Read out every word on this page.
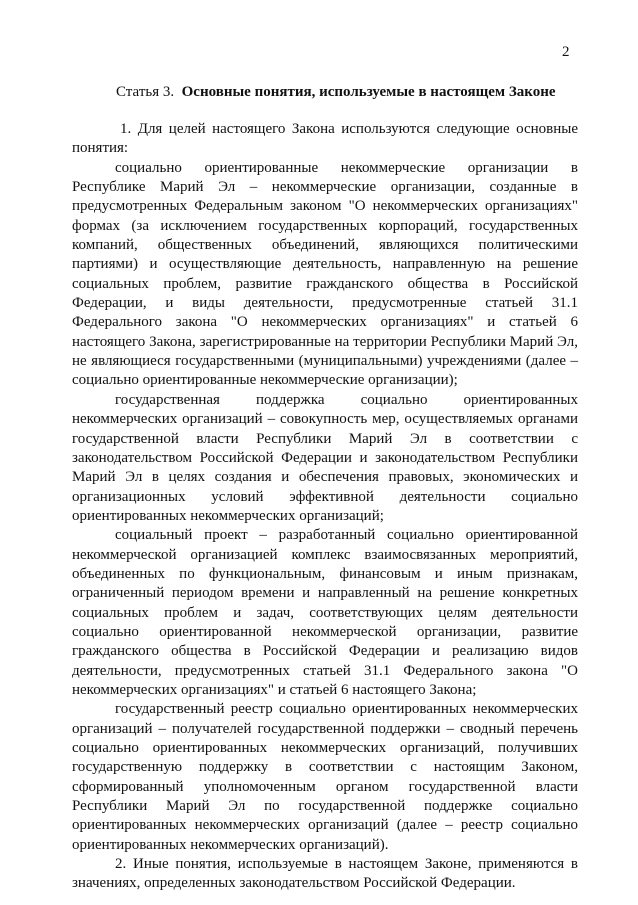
2
Статья 3. Основные понятия, используемые в настоящем Законе

1. Для целей настоящего Закона используются следующие основные понятия:

социально ориентированные некоммерческие организации в Республике Марий Эл – некоммерческие организации, созданные в предусмотренных Федеральным законом "О некоммерческих организациях" формах (за исключением государственных корпораций, государственных компаний, общественных объединений, являющихся политическими партиями) и осуществляющие деятельность, направленную на решение социальных проблем, развитие гражданского общества в Российской Федерации, и виды деятельности, предусмотренные статьей 31.1 Федерального закона "О некоммерческих организациях" и статьей 6 настоящего Закона, зарегистрированные на территории Республики Марий Эл, не являющиеся государственными (муниципальными) учреждениями (далее – социально ориентированные некоммерческие организации);

государственная поддержка социально ориентированных некоммерческих организаций – совокупность мер, осуществляемых органами государственной власти Республики Марий Эл в соответствии с законодательством Российской Федерации и законодательством Республики Марий Эл в целях создания и обеспечения правовых, экономических и организационных условий эффективной деятельности социально ориентированных некоммерческих организаций;

социальный проект – разработанный социально ориентированной некоммерческой организацией комплекс взаимосвязанных мероприятий, объединенных по функциональным, финансовым и иным признакам, ограниченный периодом времени и направленный на решение конкретных социальных проблем и задач, соответствующих целям деятельности социально ориентированной некоммерческой организации, развитие гражданского общества в Российской Федерации и реализацию видов деятельности, предусмотренных статьей 31.1 Федерального закона "О некоммерческих организациях" и статьей 6 настоящего Закона;

государственный реестр социально ориентированных некоммерческих организаций – получателей государственной поддержки – сводный перечень социально ориентированных некоммерческих организаций, получивших государственную поддержку в соответствии с настоящим Законом, сформированный уполномоченным органом государственной власти Республики Марий Эл по государственной поддержке социально ориентированных некоммерческих организаций (далее – реестр социально ориентированных некоммерческих организаций).

2. Иные понятия, используемые в настоящем Законе, применяются в значениях, определенных законодательством Российской Федерации.
